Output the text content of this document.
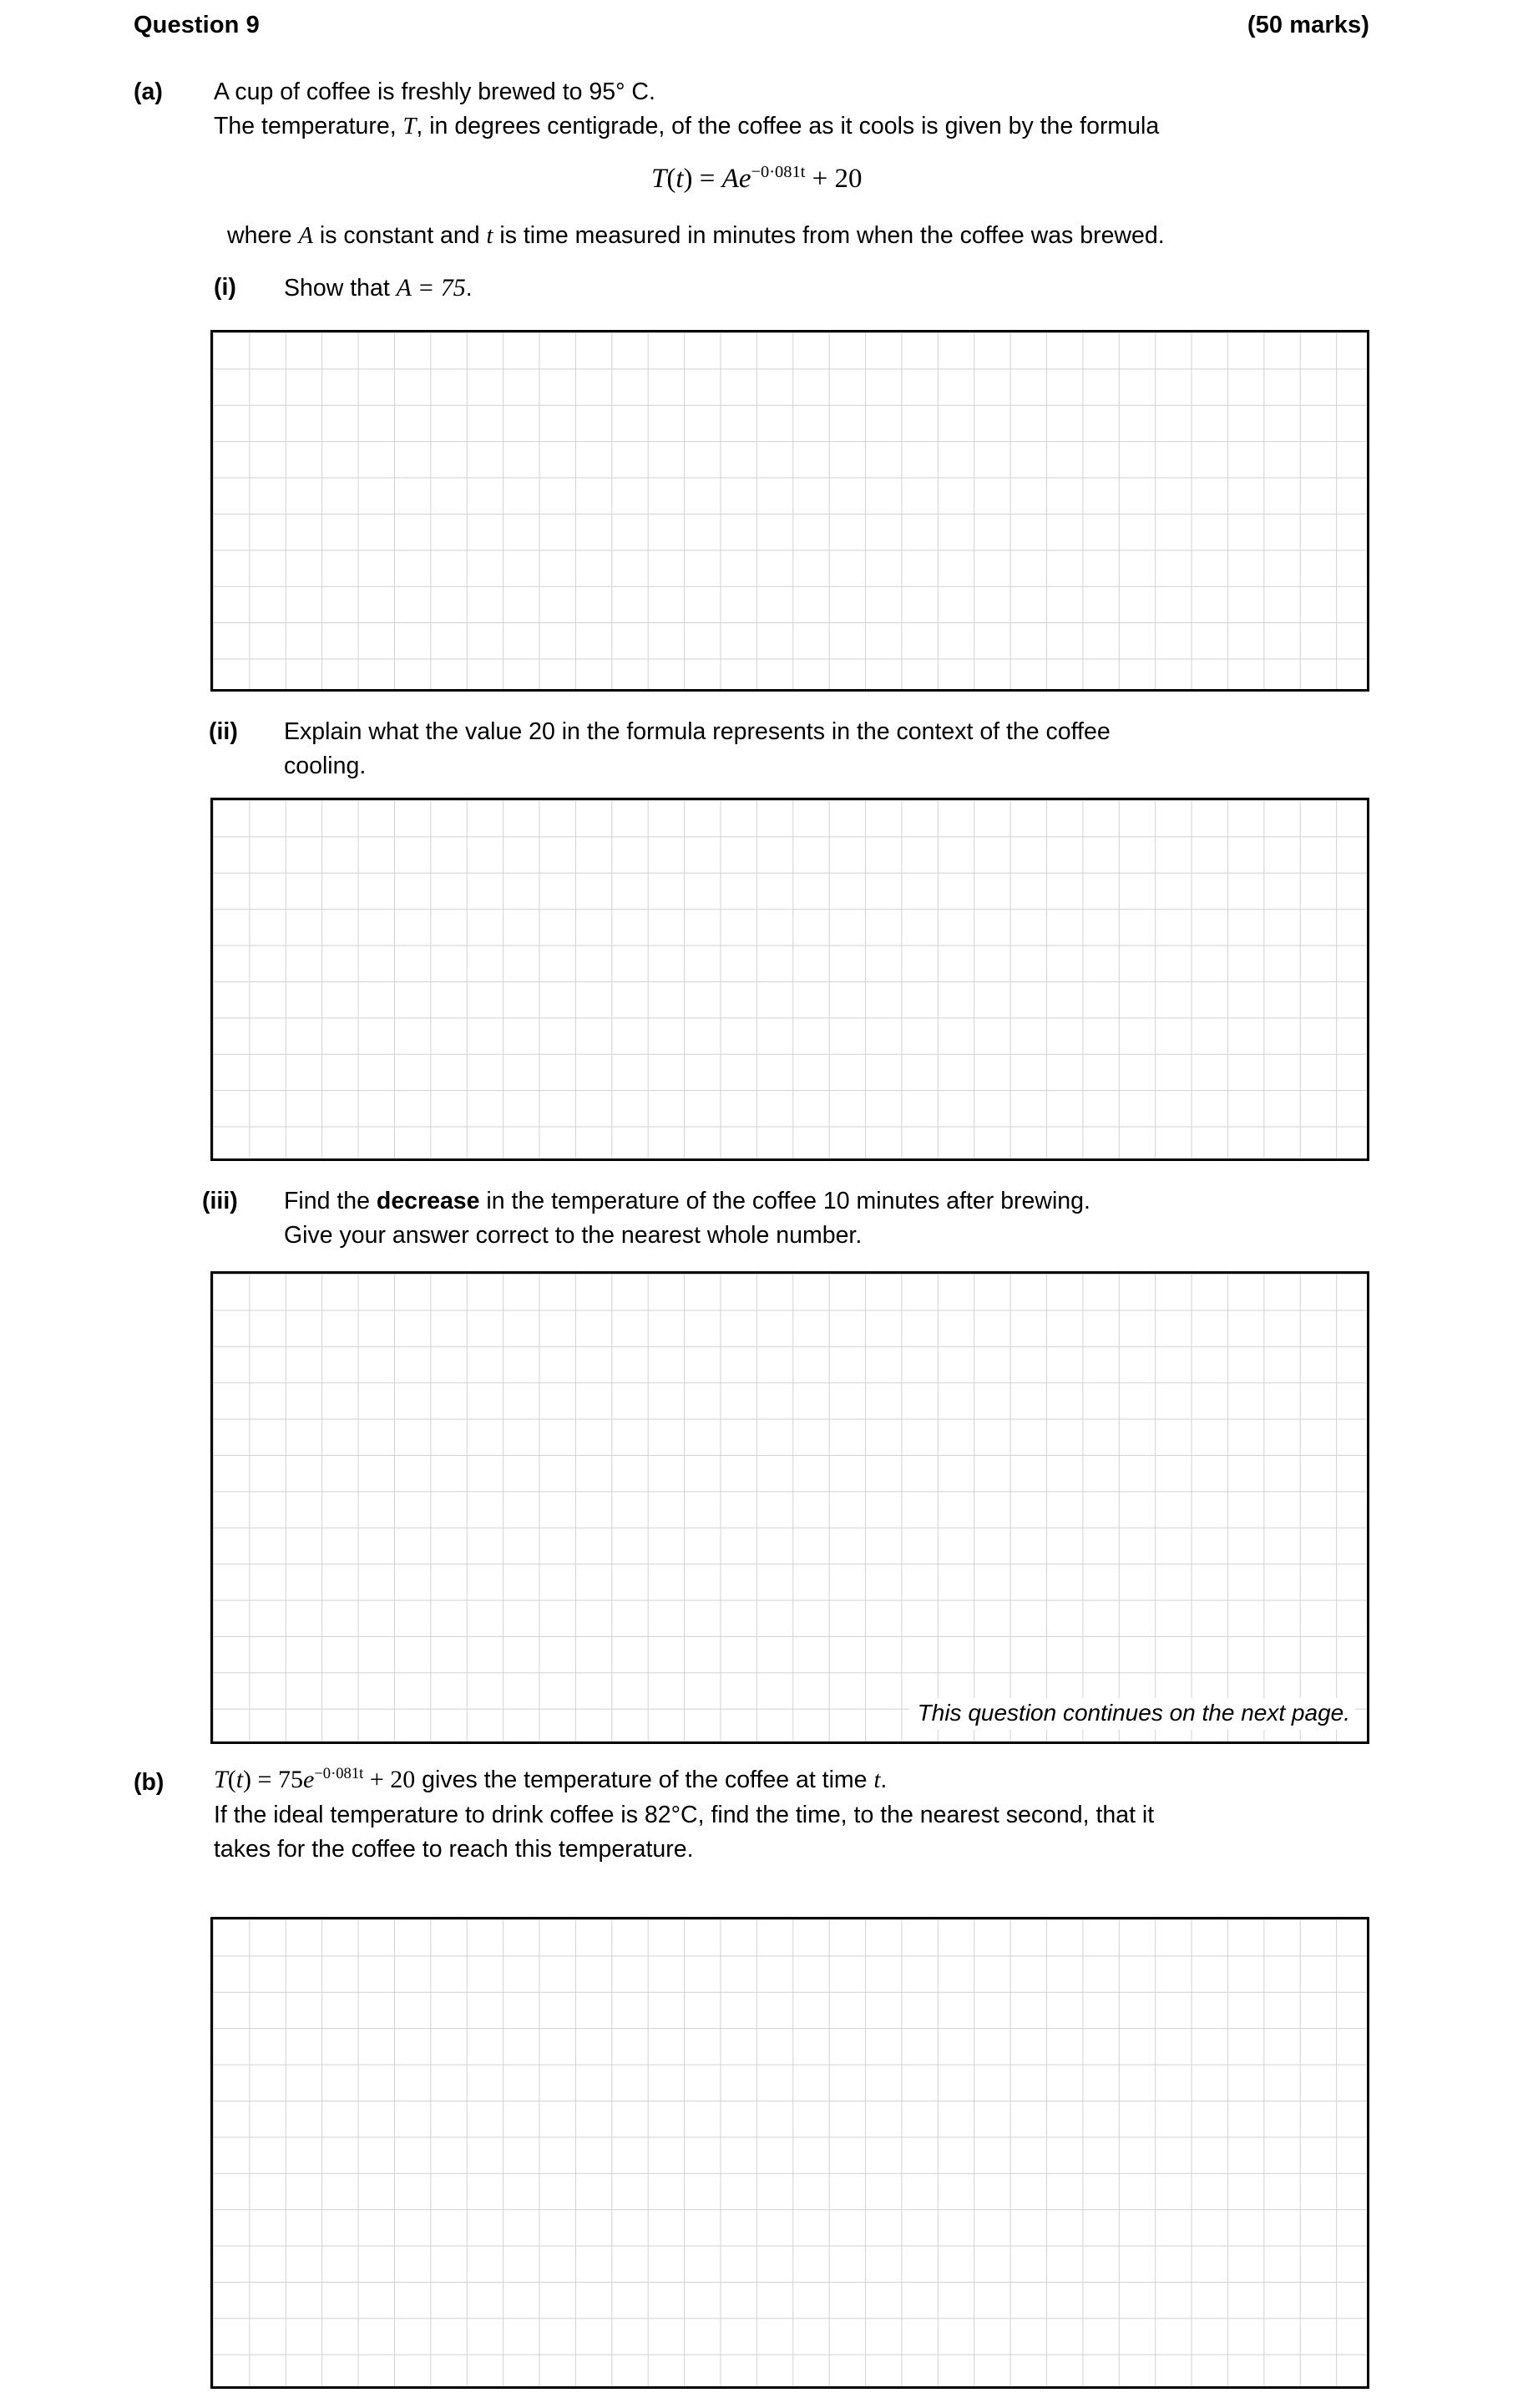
Question 9	(50 marks)
(a) A cup of coffee is freshly brewed to 95° C.
The temperature, T, in degrees centigrade, of the coffee as it cools is given by the formula
$T(t) = Ae^{-0\cdot 081t} + 20$
where A is constant and t is time measured in minutes from when the coffee was brewed.
(i) Show that A = 75.
(ii) Explain what the value 20 in the formula represents in the context of the coffee
cooling.
(iii) Find the decrease in the temperature of the coffee 10 minutes after brewing.
Give your answer correct to the nearest whole number.
This question continues on the next page.
(b) $T(t) = 75e^{-0\cdot 081t} + 20$ gives the temperature of the coffee at time t.
If the ideal temperature to drink coffee is 82°C, find the time, to the nearest second, that it
takes for the coffee to reach this temperature.
